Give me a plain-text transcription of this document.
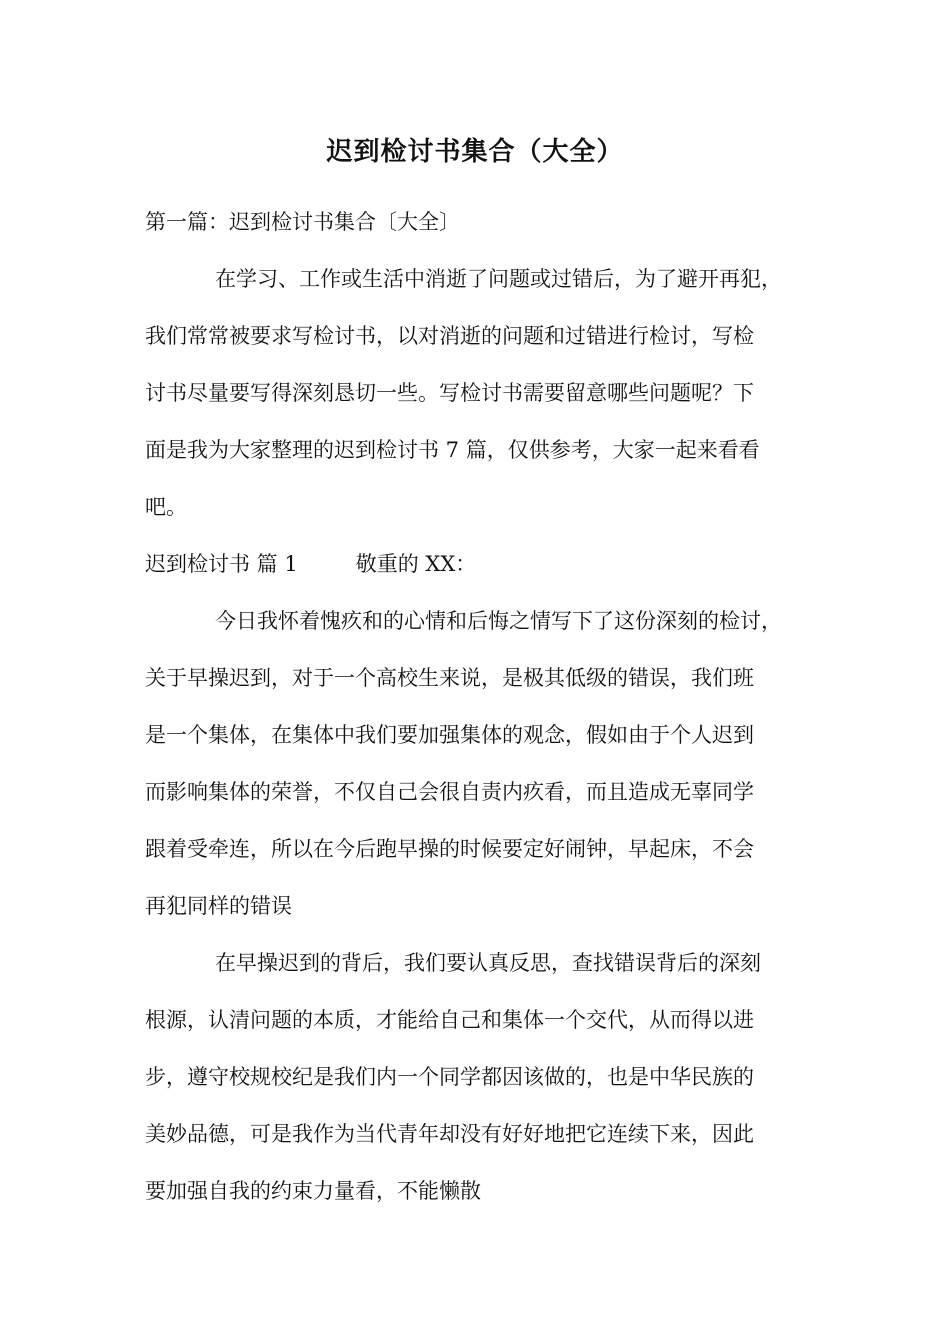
迟到检讨书集合（大全）
第一篇：迟到检讨书集合〔大全〕
在学习、工作或生活中消逝了问题或过错后，为了避开再犯，
我们常常被要求写检讨书，以对消逝的问题和过错进行检讨，写检
讨书尽量要写得深刻恳切一些。写检讨书需要留意哪些问题呢？下
面是我为大家整理的迟到检讨书 7 篇，仅供参考，大家一起来看看
吧。
迟到检讨书 篇 1	敬重的 XX：
今日我怀着愧疚和的心情和后悔之情写下了这份深刻的检讨，
关于早操迟到，对于一个高校生来说，是极其低级的错误，我们班
是一个集体，在集体中我们要加强集体的观念，假如由于个人迟到
而影响集体的荣誉，不仅自己会很自责内疚看，而且造成无辜同学
跟着受牵连，所以在今后跑早操的时候要定好闹钟，早起床，不会
再犯同样的错误
在早操迟到的背后，我们要认真反思，查找错误背后的深刻
根源，认清问题的本质，才能给自己和集体一个交代，从而得以进
步，遵守校规校纪是我们内一个同学都因该做的，也是中华民族的
美妙品德，可是我作为当代青年却没有好好地把它连续下来，因此
要加强自我的约束力量看，不能懒散
